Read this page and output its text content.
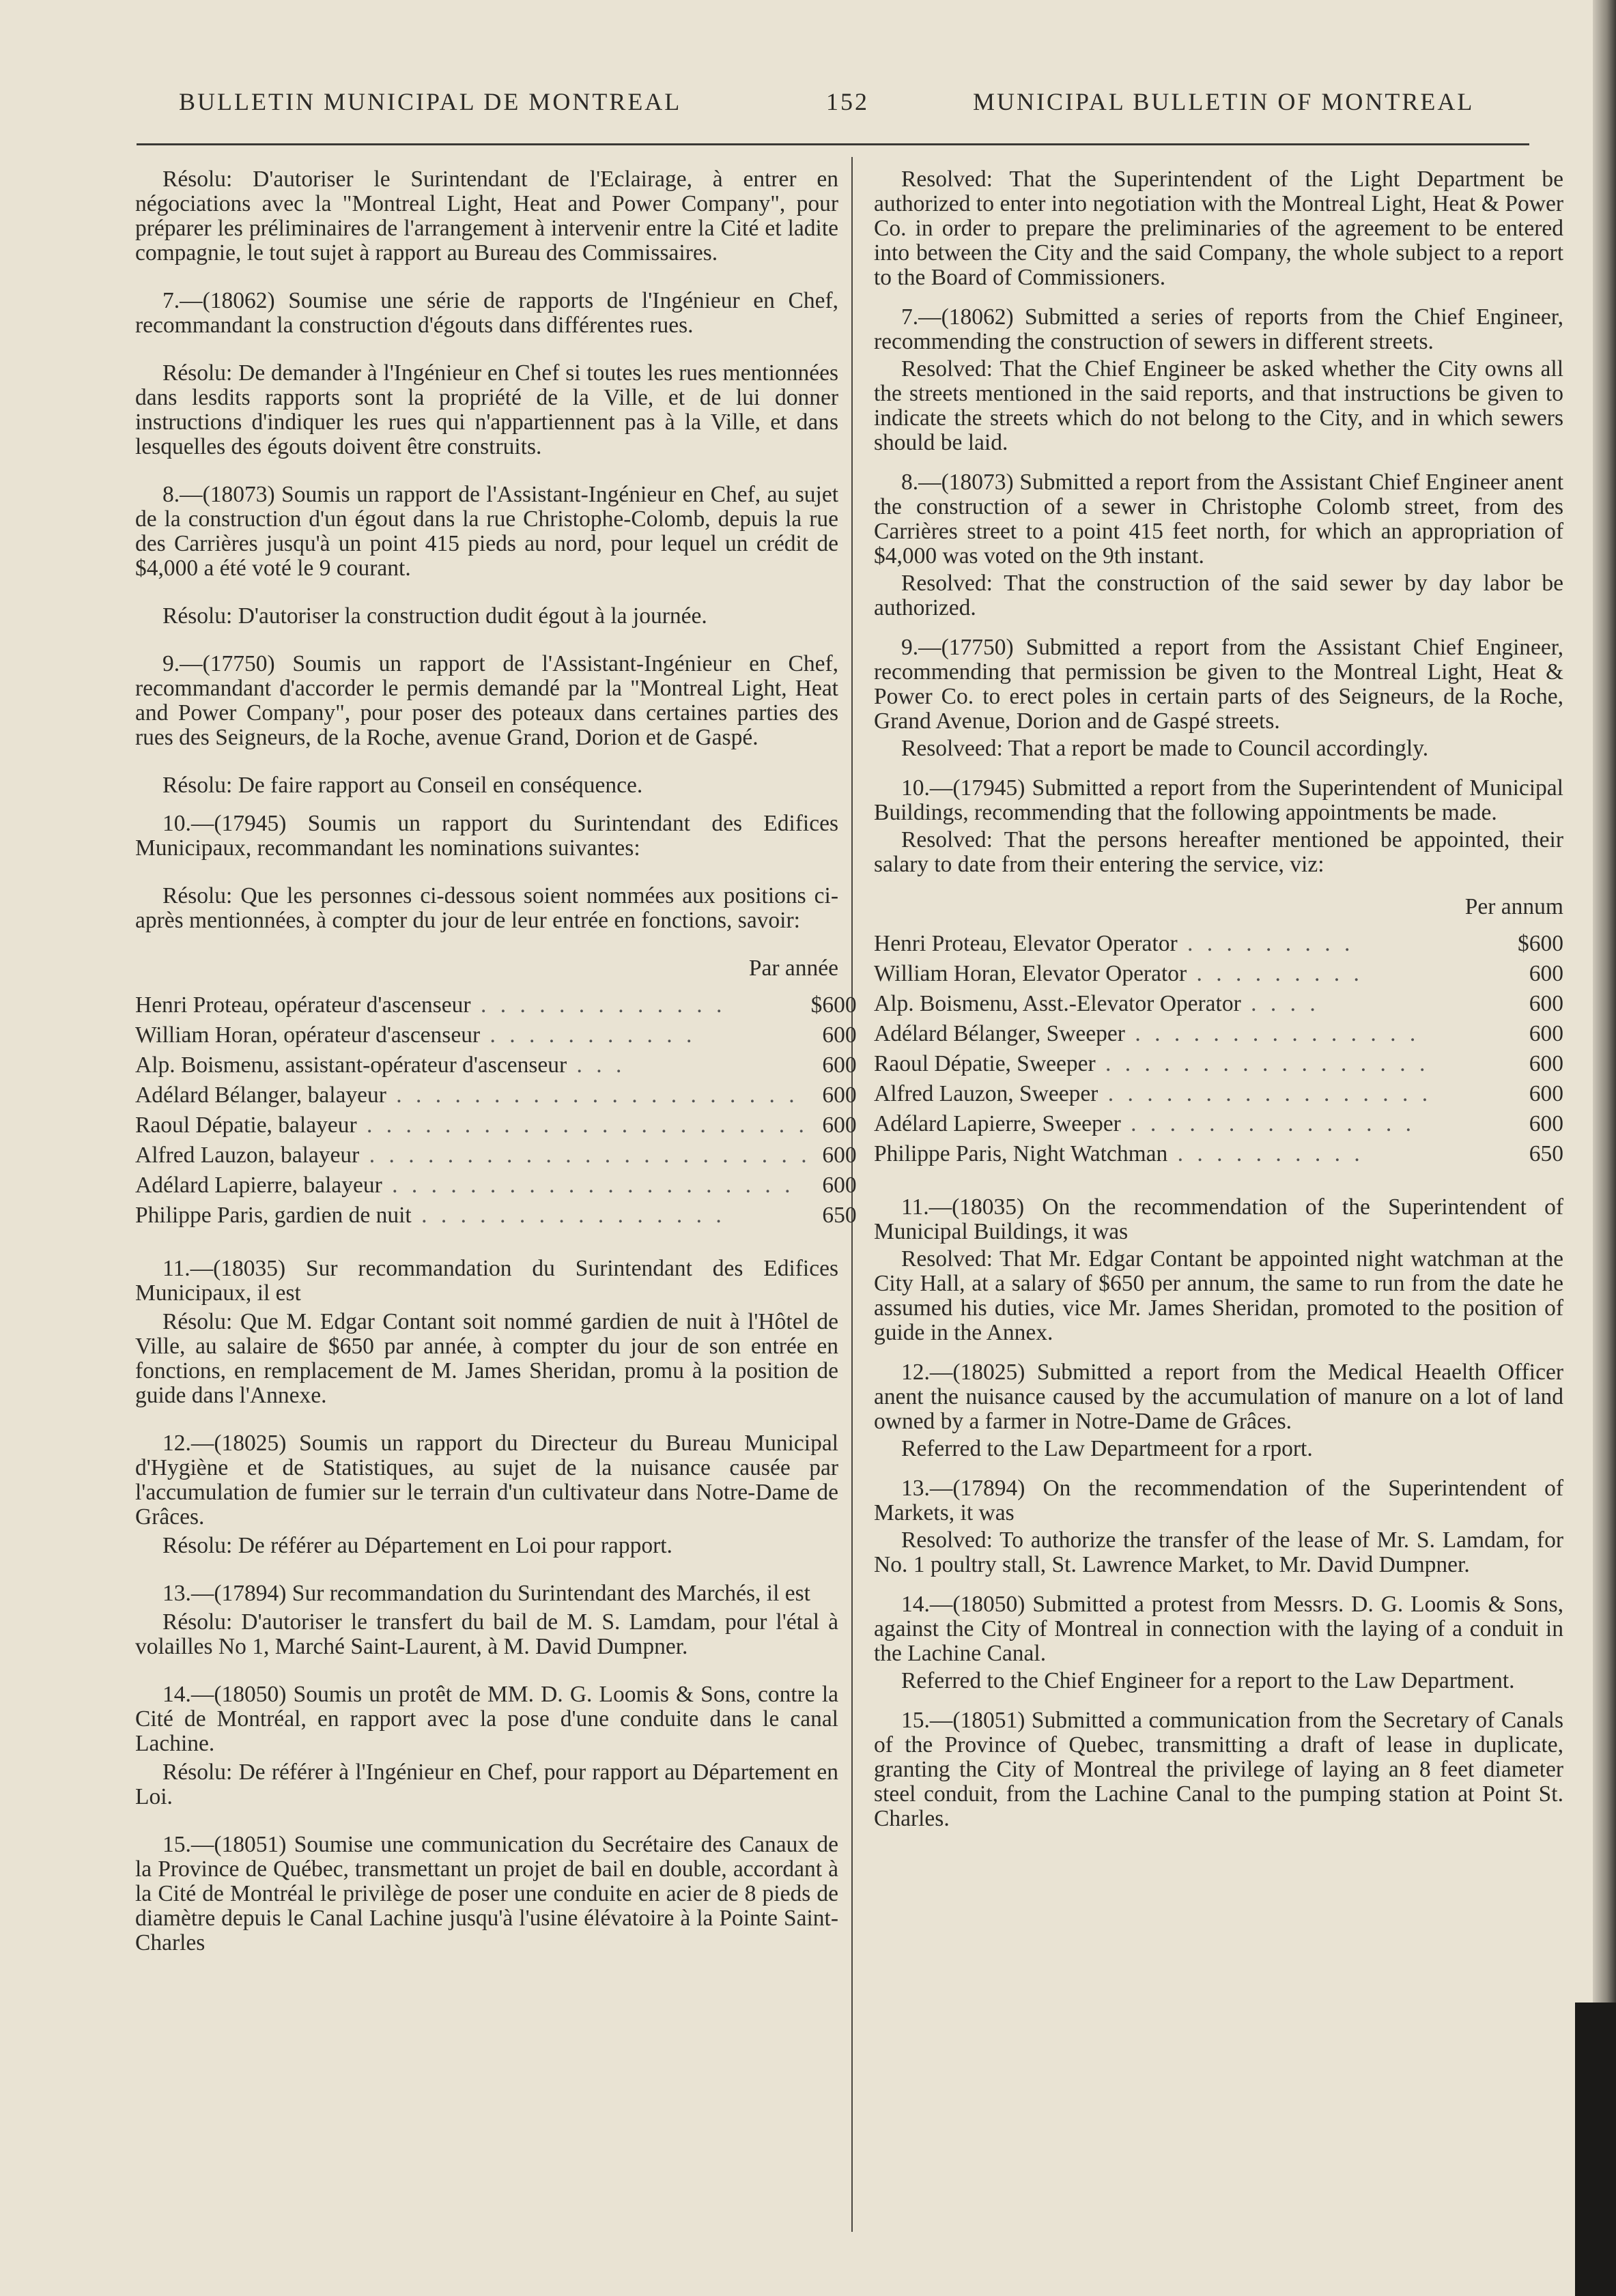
BULLETIN MUNICIPAL DE MONTREAL	152	MUNICIPAL BULLETIN OF MONTREAL

Résolu: D'autoriser le Surintendant de l'Eclairage, à entrer en négociations avec la "Montreal Light, Heat and Power Company", pour préparer les préliminaires de l'arrangement à intervenir entre la Cité et ladite compagnie, le tout sujet à rapport au Bureau des Commissaires.

7.—(18062) Soumise une série de rapports de l'Ingénieur en Chef, recommandant la construction d'égouts dans différentes rues.

Résolu: De demander à l'Ingénieur en Chef si toutes les rues mentionnées dans lesdits rapports sont la propriété de la Ville, et de lui donner instructions d'indiquer les rues qui n'appartiennent pas à la Ville, et dans lesquelles des égouts doivent être construits.

8.—(18073) Soumis un rapport de l'Assistant-Ingénieur en Chef, au sujet de la construction d'un égout dans la rue Christophe-Colomb, depuis la rue des Carrières jusqu'à un point 415 pieds au nord, pour lequel un crédit de $4,000 a été voté le 9 courant.

Résolu: D'autoriser la construction dudit égout à la journée.

9.—(17750) Soumis un rapport de l'Assistant-Ingénieur en Chef, recommandant d'accorder le permis demandé par la "Montreal Light, Heat and Power Company", pour poser des poteaux dans certaines parties des rues des Seigneurs, de la Roche, avenue Grand, Dorion et de Gaspé.

Résolu: De faire rapport au Conseil en conséquence.

10.—(17945) Soumis un rapport du Surintendant des Edifices Municipaux, recommandant les nominations suivantes:

Résolu: Que les personnes ci-dessous soient nommées aux positions ci-après mentionnées, à compter du jour de leur entrée en fonctions, savoir:

Par année
Henri Proteau, opérateur d'ascenseur . . . . . . . . . . . . .	$600
William Horan, opérateur d'ascenseur . . . . . . . . . . .	600
Alp. Boismenu, assistant-opérateur d'ascenseur . . .	600
Adélard Bélanger, balayeur . . . . . . . . . . . . . . . . . . . . .	600
Raoul Dépatie, balayeur . . . . . . . . . . . . . . . . . . . . . . .	600
Alfred Lauzon, balayeur . . . . . . . . . . . . . . . . . . . . . . .	600
Adélard Lapierre, balayeur . . . . . . . . . . . . . . . . . . . . .	600
Philippe Paris, gardien de nuit . . . . . . . . . . . . . . . .	650

11.—(18035) Sur recommandation du Surintendant des Edifices Municipaux, il est

Résolu: Que M. Edgar Contant soit nommé gardien de nuit à l'Hôtel de Ville, au salaire de $650 par année, à compter du jour de son entrée en fonctions, en remplacement de M. James Sheridan, promu à la position de guide dans l'Annexe.

12.—(18025) Soumis un rapport du Directeur du Bureau Municipal d'Hygiène et de Statistiques, au sujet de la nuisance causée par l'accumulation de fumier sur le terrain d'un cultivateur dans Notre-Dame de Grâces.

Résolu: De référer au Département en Loi pour rapport.

13.—(17894) Sur recommandation du Surintendant des Marchés, il est

Résolu: D'autoriser le transfert du bail de M. S. Lamdam, pour l'étal à volailles No 1, Marché Saint-Laurent, à M. David Dumpner.

14.—(18050) Soumis un protêt de MM. D. G. Loomis & Sons, contre la Cité de Montréal, en rapport avec la pose d'une conduite dans le canal Lachine.

Résolu: De référer à l'Ingénieur en Chef, pour rapport au Département en Loi.

15.—(18051) Soumise une communication du Secrétaire des Canaux de la Province de Québec, transmettant un projet de bail en double, accordant à la Cité de Montréal le privilège de poser une conduite en acier de 8 pieds de diamètre depuis le Canal Lachine jusqu'à l'usine élévatoire à la Pointe Saint-Charles

Resolved: That the Superintendent of the Light Department be authorized to enter into negotiation with the Montreal Light, Heat & Power Co. in order to prepare the preliminaries of the agreement to be entered into between the City and the said Company, the whole subject to a report to the Board of Commissioners.

7.—(18062) Submitted a series of reports from the Chief Engineer, recommending the construction of sewers in different streets.

Resolved: That the Chief Engineer be asked whether the City owns all the streets mentioned in the said reports, and that instructions be given to indicate the streets which do not belong to the City, and in which sewers should be laid.

8.—(18073) Submitted a report from the Assistant Chief Engineer anent the construction of a sewer in Christophe Colomb street, from des Carrières street to a point 415 feet north, for which an appropriation of $4,000 was voted on the 9th instant.

Resolved: That the construction of the said sewer by day labor be authorized.

9.—(17750) Submitted a report from the Assistant Chief Engineer, recommending that permission be given to the Montreal Light, Heat & Power Co. to erect poles in certain parts of des Seigneurs, de la Roche, Grand Avenue, Dorion and de Gaspé streets.

Resolveed: That a report be made to Council accordingly.

10.—(17945) Submitted a report from the Superintendent of Municipal Buildings, recommending that the following appointments be made.

Resolved: That the persons hereafter mentioned be appointed, their salary to date from their entering the service, viz:

Per annum
Henri Proteau, Elevator Operator . . . . . . . . .	$600
William Horan, Elevator Operator . . . . . . . . .	600
Alp. Boismenu, Asst.-Elevator Operator . . . .	600
Adélard Bélanger, Sweeper . . . . . . . . . . . . . . .	600
Raoul Dépatie, Sweeper . . . . . . . . . . . . . . . . .	600
Alfred Lauzon, Sweeper . . . . . . . . . . . . . . . . .	600
Adélard Lapierre, Sweeper . . . . . . . . . . . . . . .	600
Philippe Paris, Night Watchman . . . . . . . . . .	650

11.—(18035) On the recommendation of the Superintendent of Municipal Buildings, it was

Resolved: That Mr. Edgar Contant be appointed night watchman at the City Hall, at a salary of $650 per annum, the same to run from the date he assumed his duties, vice Mr. James Sheridan, promoted to the position of guide in the Annex.

12.—(18025) Submitted a report from the Medical Heaelth Officer anent the nuisance caused by the accumulation of manure on a lot of land owned by a farmer in Notre-Dame de Grâces.

Referred to the Law Departmeent for a rport.

13.—(17894) On the recommendation of the Superintendent of Markets, it was

Resolved: To authorize the transfer of the lease of Mr. S. Lamdam, for No. 1 poultry stall, St. Lawrence Market, to Mr. David Dumpner.

14.—(18050) Submitted a protest from Messrs. D. G. Loomis & Sons, against the City of Montreal in connection with the laying of a conduit in the Lachine Canal.

Referred to the Chief Engineer for a report to the Law Department.

15.—(18051) Submitted a communication from the Secretary of Canals of the Province of Quebec, transmitting a draft of lease in duplicate, granting the City of Montreal the privilege of laying an 8 feet diameter steel conduit, from the Lachine Canal to the pumping station at Point St. Charles.
